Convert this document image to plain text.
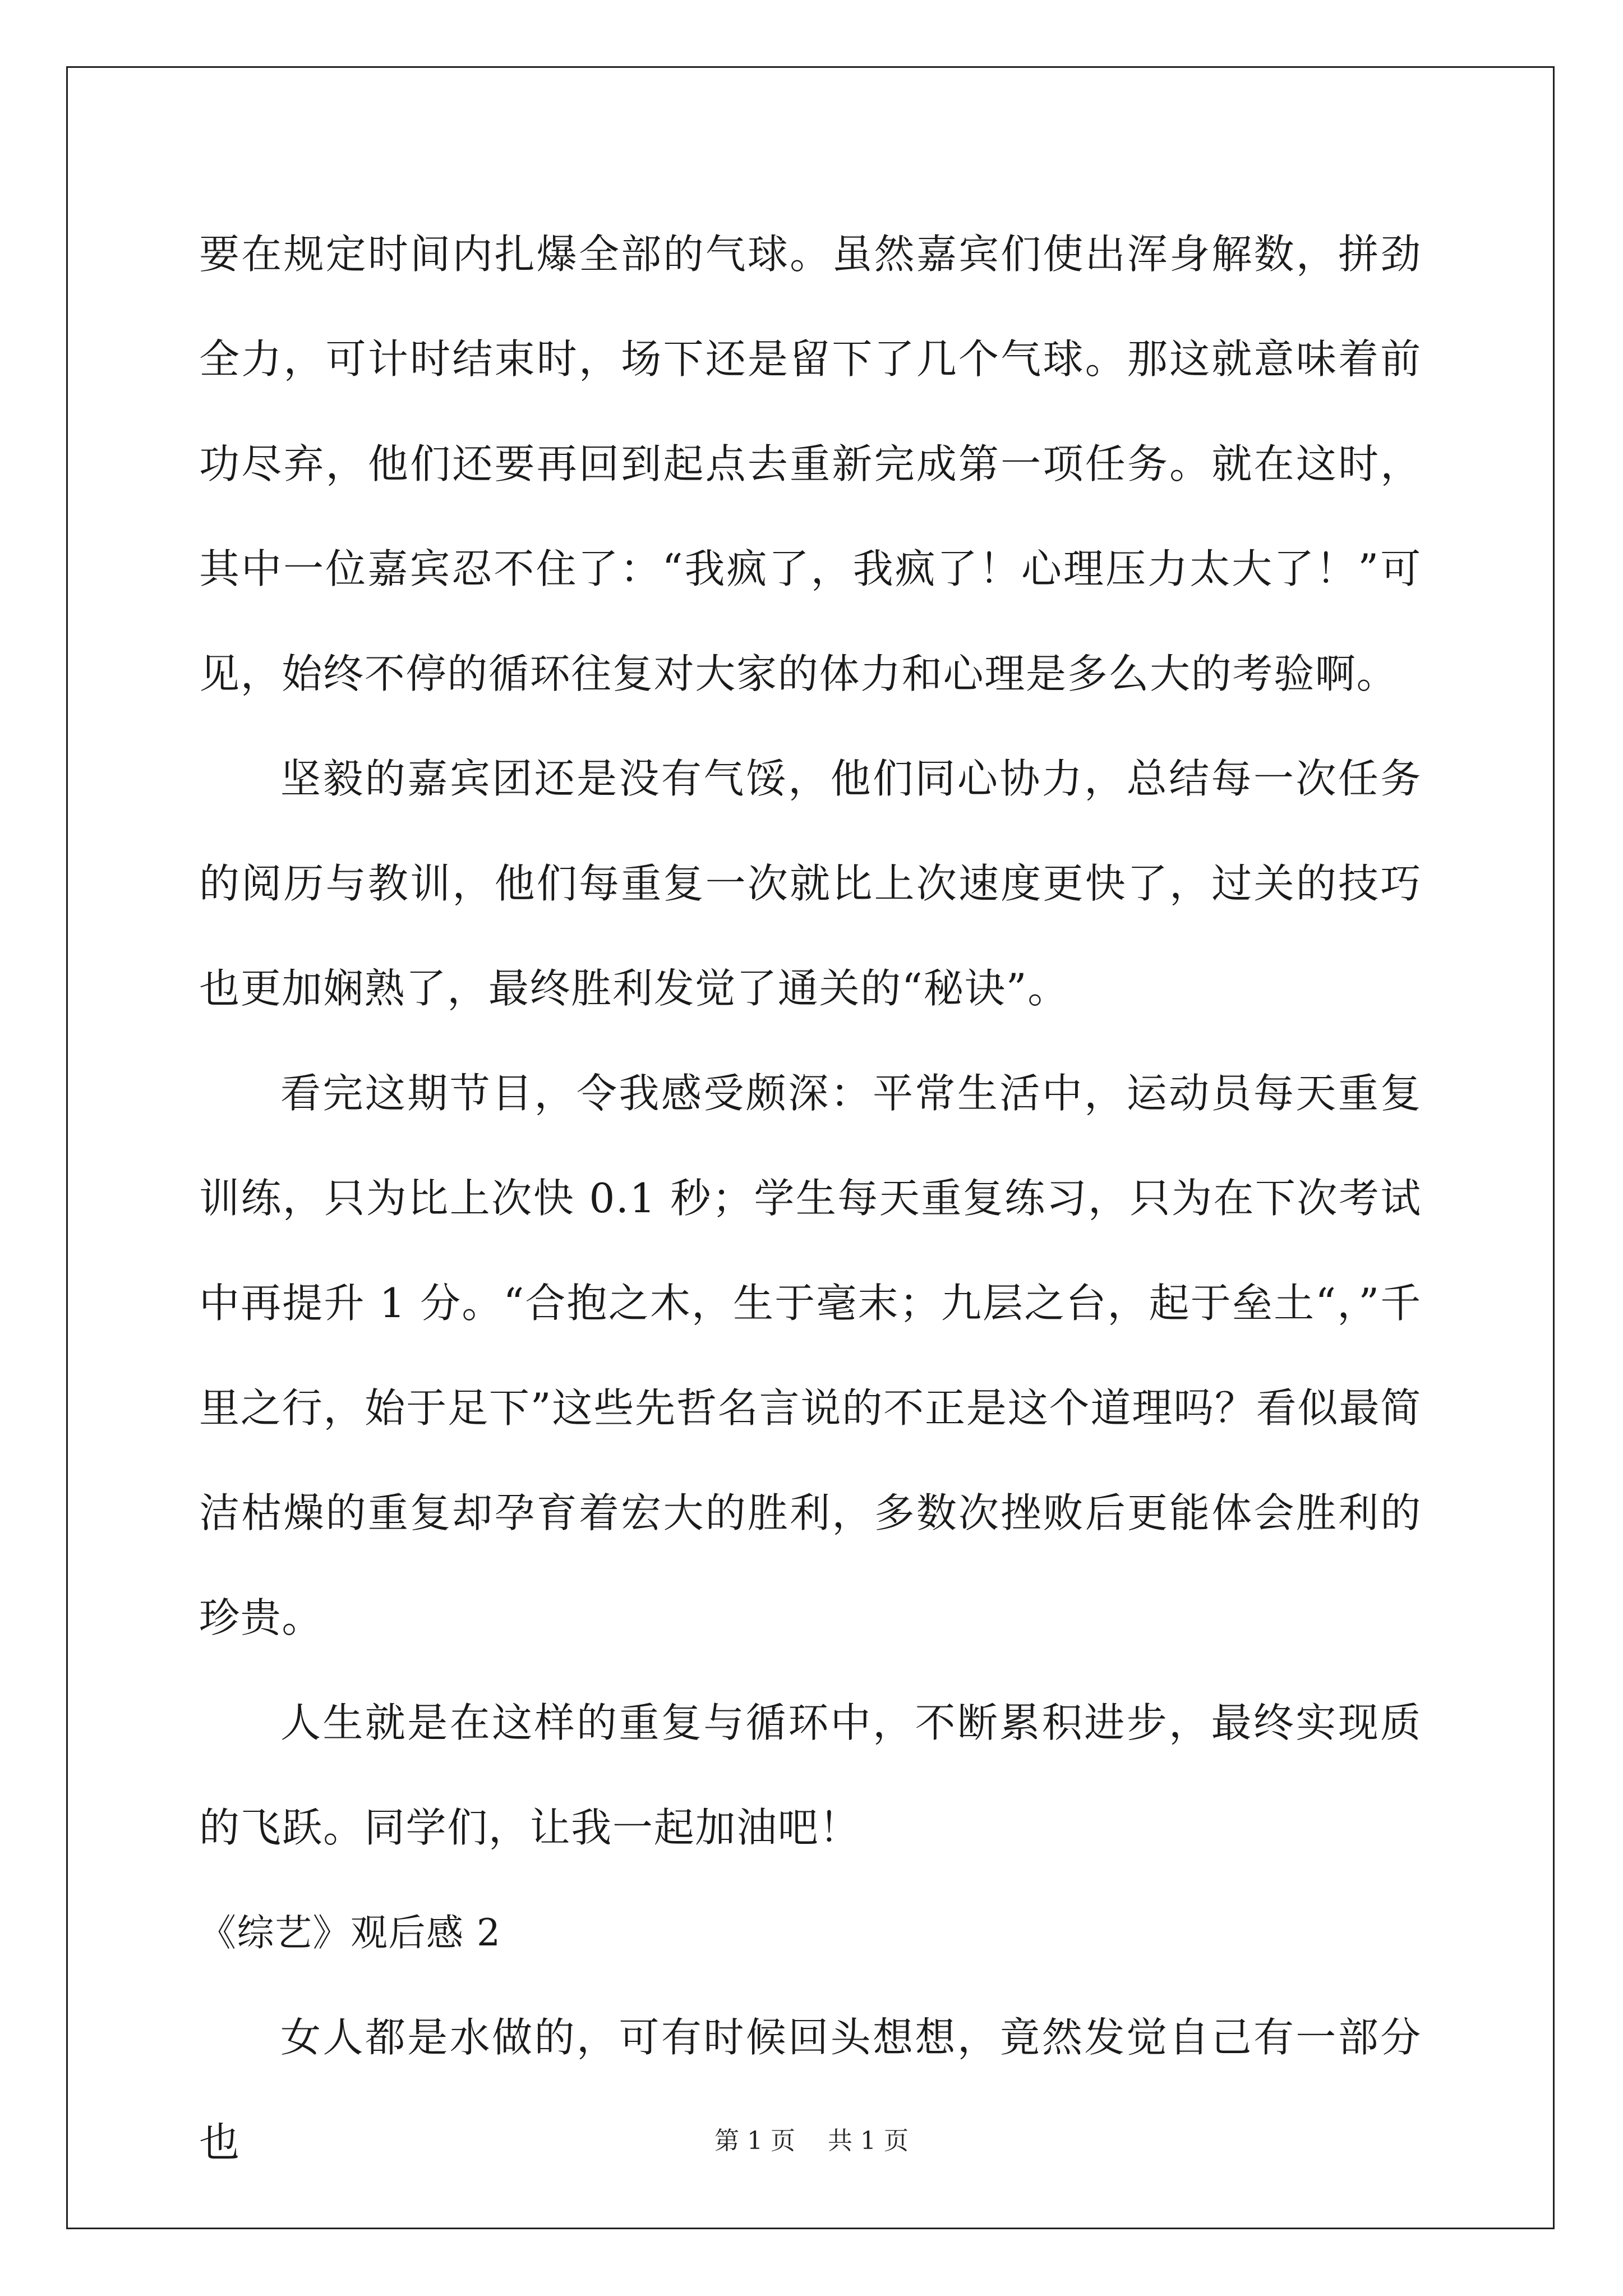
要在规定时间内扎爆全部的气球。虽然嘉宾们使出浑身解数，拼劲全力，可计时结束时，场下还是留下了几个气球。那这就意味着前功尽弃，他们还要再回到起点去重新完成第一项任务。就在这时，其中一位嘉宾忍不住了：“我疯了，我疯了！心理压力太大了！”可见，始终不停的循环往复对大家的体力和心理是多么大的考验啊。

坚毅的嘉宾团还是没有气馁，他们同心协力，总结每一次任务的阅历与教训，他们每重复一次就比上次速度更快了，过关的技巧也更加娴熟了，最终胜利发觉了通关的“秘诀”。

看完这期节目，令我感受颇深：平常生活中，运动员每天重复训练，只为比上次快 0.1 秒；学生每天重复练习，只为在下次考试中再提升 1 分。“合抱之木，生于毫末；九层之台，起于垒土“，”千里之行，始于足下”这些先哲名言说的不正是这个道理吗？看似最简洁枯燥的重复却孕育着宏大的胜利，多数次挫败后更能体会胜利的珍贵。

人生就是在这样的重复与循环中，不断累积进步，最终实现质的飞跃。同学们，让我一起加油吧！

《综艺》观后感 2

女人都是水做的，可有时候回头想想，竟然发觉自己有一部分也	第 1 页 共 1 页
